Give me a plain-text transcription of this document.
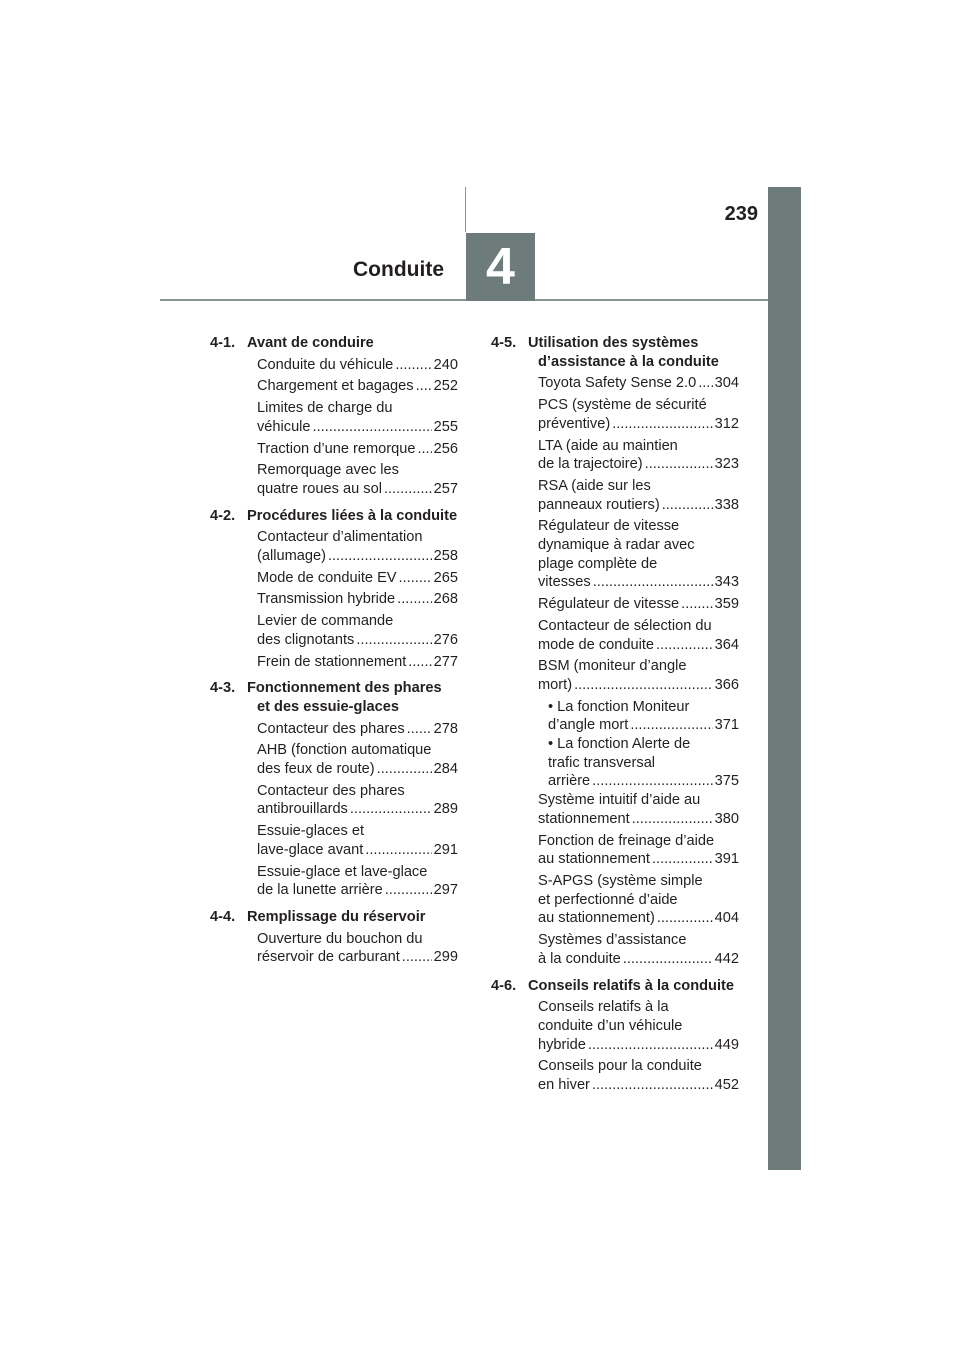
239
4
Conduite
4-1. Avant de conduire
Conduite du véhicule .....	240
Chargement et bagages ..... 252
Limites de charge du
véhicule .....	255
Traction d’une remorque ..... 256
Remorquage avec les
quatre roues au sol .....	257
4-2. Procédures liées à la conduite
Contacteur d’alimentation
(allumage) .....	258
Mode de conduite EV .....	265
Transmission hybride .....	268
Levier de commande
des clignotants .....	276
Frein de stationnement ..... 277
4-3. Fonctionnement des phares et des essuie-glaces
Contacteur des phares ..... 278
AHB (fonction automatique
des feux de route) .....	284
Contacteur des phares
antibrouillards .....	289
Essuie-glaces et
lave-glace avant .....	291
Essuie-glace et lave-glace
de la lunette arrière .....	297
4-4. Remplissage du réservoir
Ouverture du bouchon du
réservoir de carburant ..... 299
4-5. Utilisation des systèmes d’assistance à la conduite
Toyota Safety Sense 2.0 ..... 304
PCS (système de sécurité
préventive) .....	312
LTA (aide au maintien
de la trajectoire) .....	323
RSA (aide sur les
panneaux routiers) .....	338
Régulateur de vitesse
dynamique à radar avec
plage complète de
vitesses .....	343
Régulateur de vitesse ..... 359
Contacteur de sélection du
mode de conduite .....	364
BSM (moniteur d’angle
mort) .....	366
• La fonction Moniteur
d’angle mort .....	371
• La fonction Alerte de
trafic transversal
arrière .....	375
Système intuitif d’aide au
stationnement .....	380
Fonction de freinage d’aide
au stationnement .....	391
S-APGS (système simple
et perfectionné d’aide
au stationnement) .....	404
Systèmes d’assistance
à la conduite .....	442
4-6. Conseils relatifs à la conduite
Conseils relatifs à la
conduite d’un véhicule
hybride .....	449
Conseils pour la conduite
en hiver .....	452
